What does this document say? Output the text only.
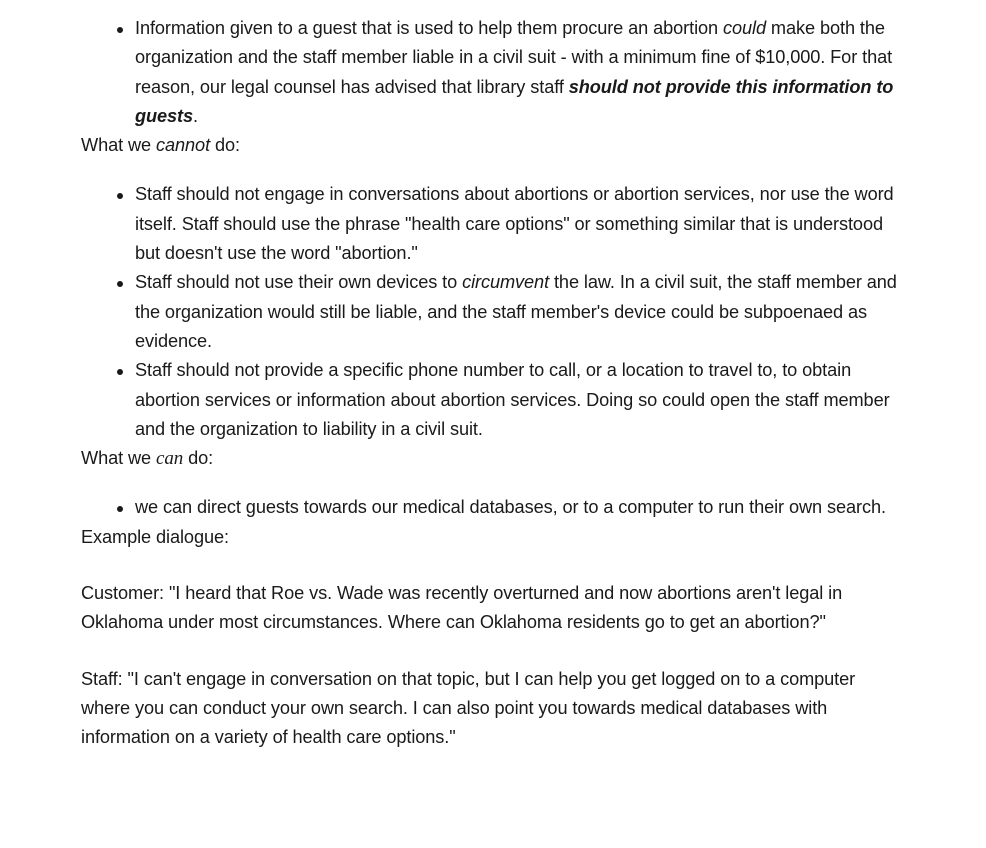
Information given to a guest that is used to help them procure an abortion could make both the organization and the staff member liable in a civil suit - with a minimum fine of $10,000. For that reason, our legal counsel has advised that library staff should not provide this information to guests.

What we cannot do:

Staff should not engage in conversations about abortions or abortion services, nor use the word itself. Staff should use the phrase "health care options" or something similar that is understood but doesn't use the word "abortion."
Staff should not use their own devices to circumvent the law. In a civil suit, the staff member and the organization would still be liable, and the staff member's device could be subpoenaed as evidence.
Staff should not provide a specific phone number to call, or a location to travel to, to obtain abortion services or information about abortion services. Doing so could open the staff member and the organization to liability in a civil suit.

What we can do:

we can direct guests towards our medical databases, or to a computer to run their own search.

Example dialogue:

Customer: "I heard that Roe vs. Wade was recently overturned and now abortions aren't legal in Oklahoma under most circumstances. Where can Oklahoma residents go to get an abortion?"

Staff: "I can't engage in conversation on that topic, but I can help you get logged on to a computer where you can conduct your own search. I can also point you towards medical databases with information on a variety of health care options."
